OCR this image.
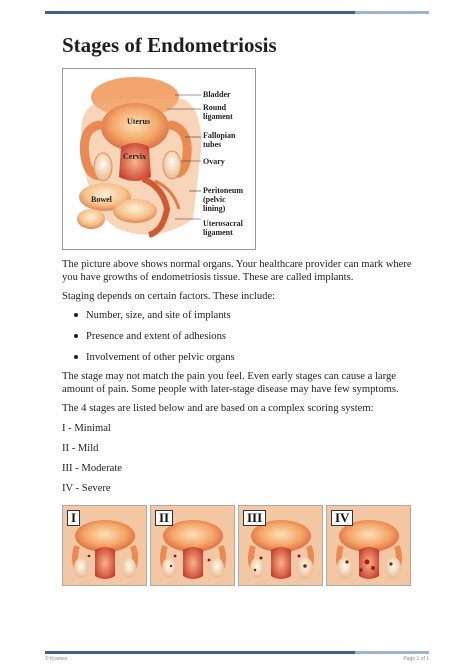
Stages of Endometriosis
Bladder
Round
ligament
Uterus
Fallopian
tubes
Cervix
Ovary
Bowel
Peritoneum
(pelvic
lining)
Uterosacral
ligament

The picture above shows normal organs. Your healthcare provider can mark where you have growths of endometriosis tissue. These are called implants.

Staging depends on certain factors. These include:

Number, size, and site of implants
Presence and extent of adhesions
Involvement of other pelvic organs

The stage may not match the pain you feel. Even early stages can cause a large amount of pain. Some people with later-stage disease may have few symptoms.

The 4 stages are listed below and are based on a complex scoring system:

I - Minimal

II - Mild

III - Moderate

IV - Severe

I	II	III	IV
© Krames	Page 1 of 1
